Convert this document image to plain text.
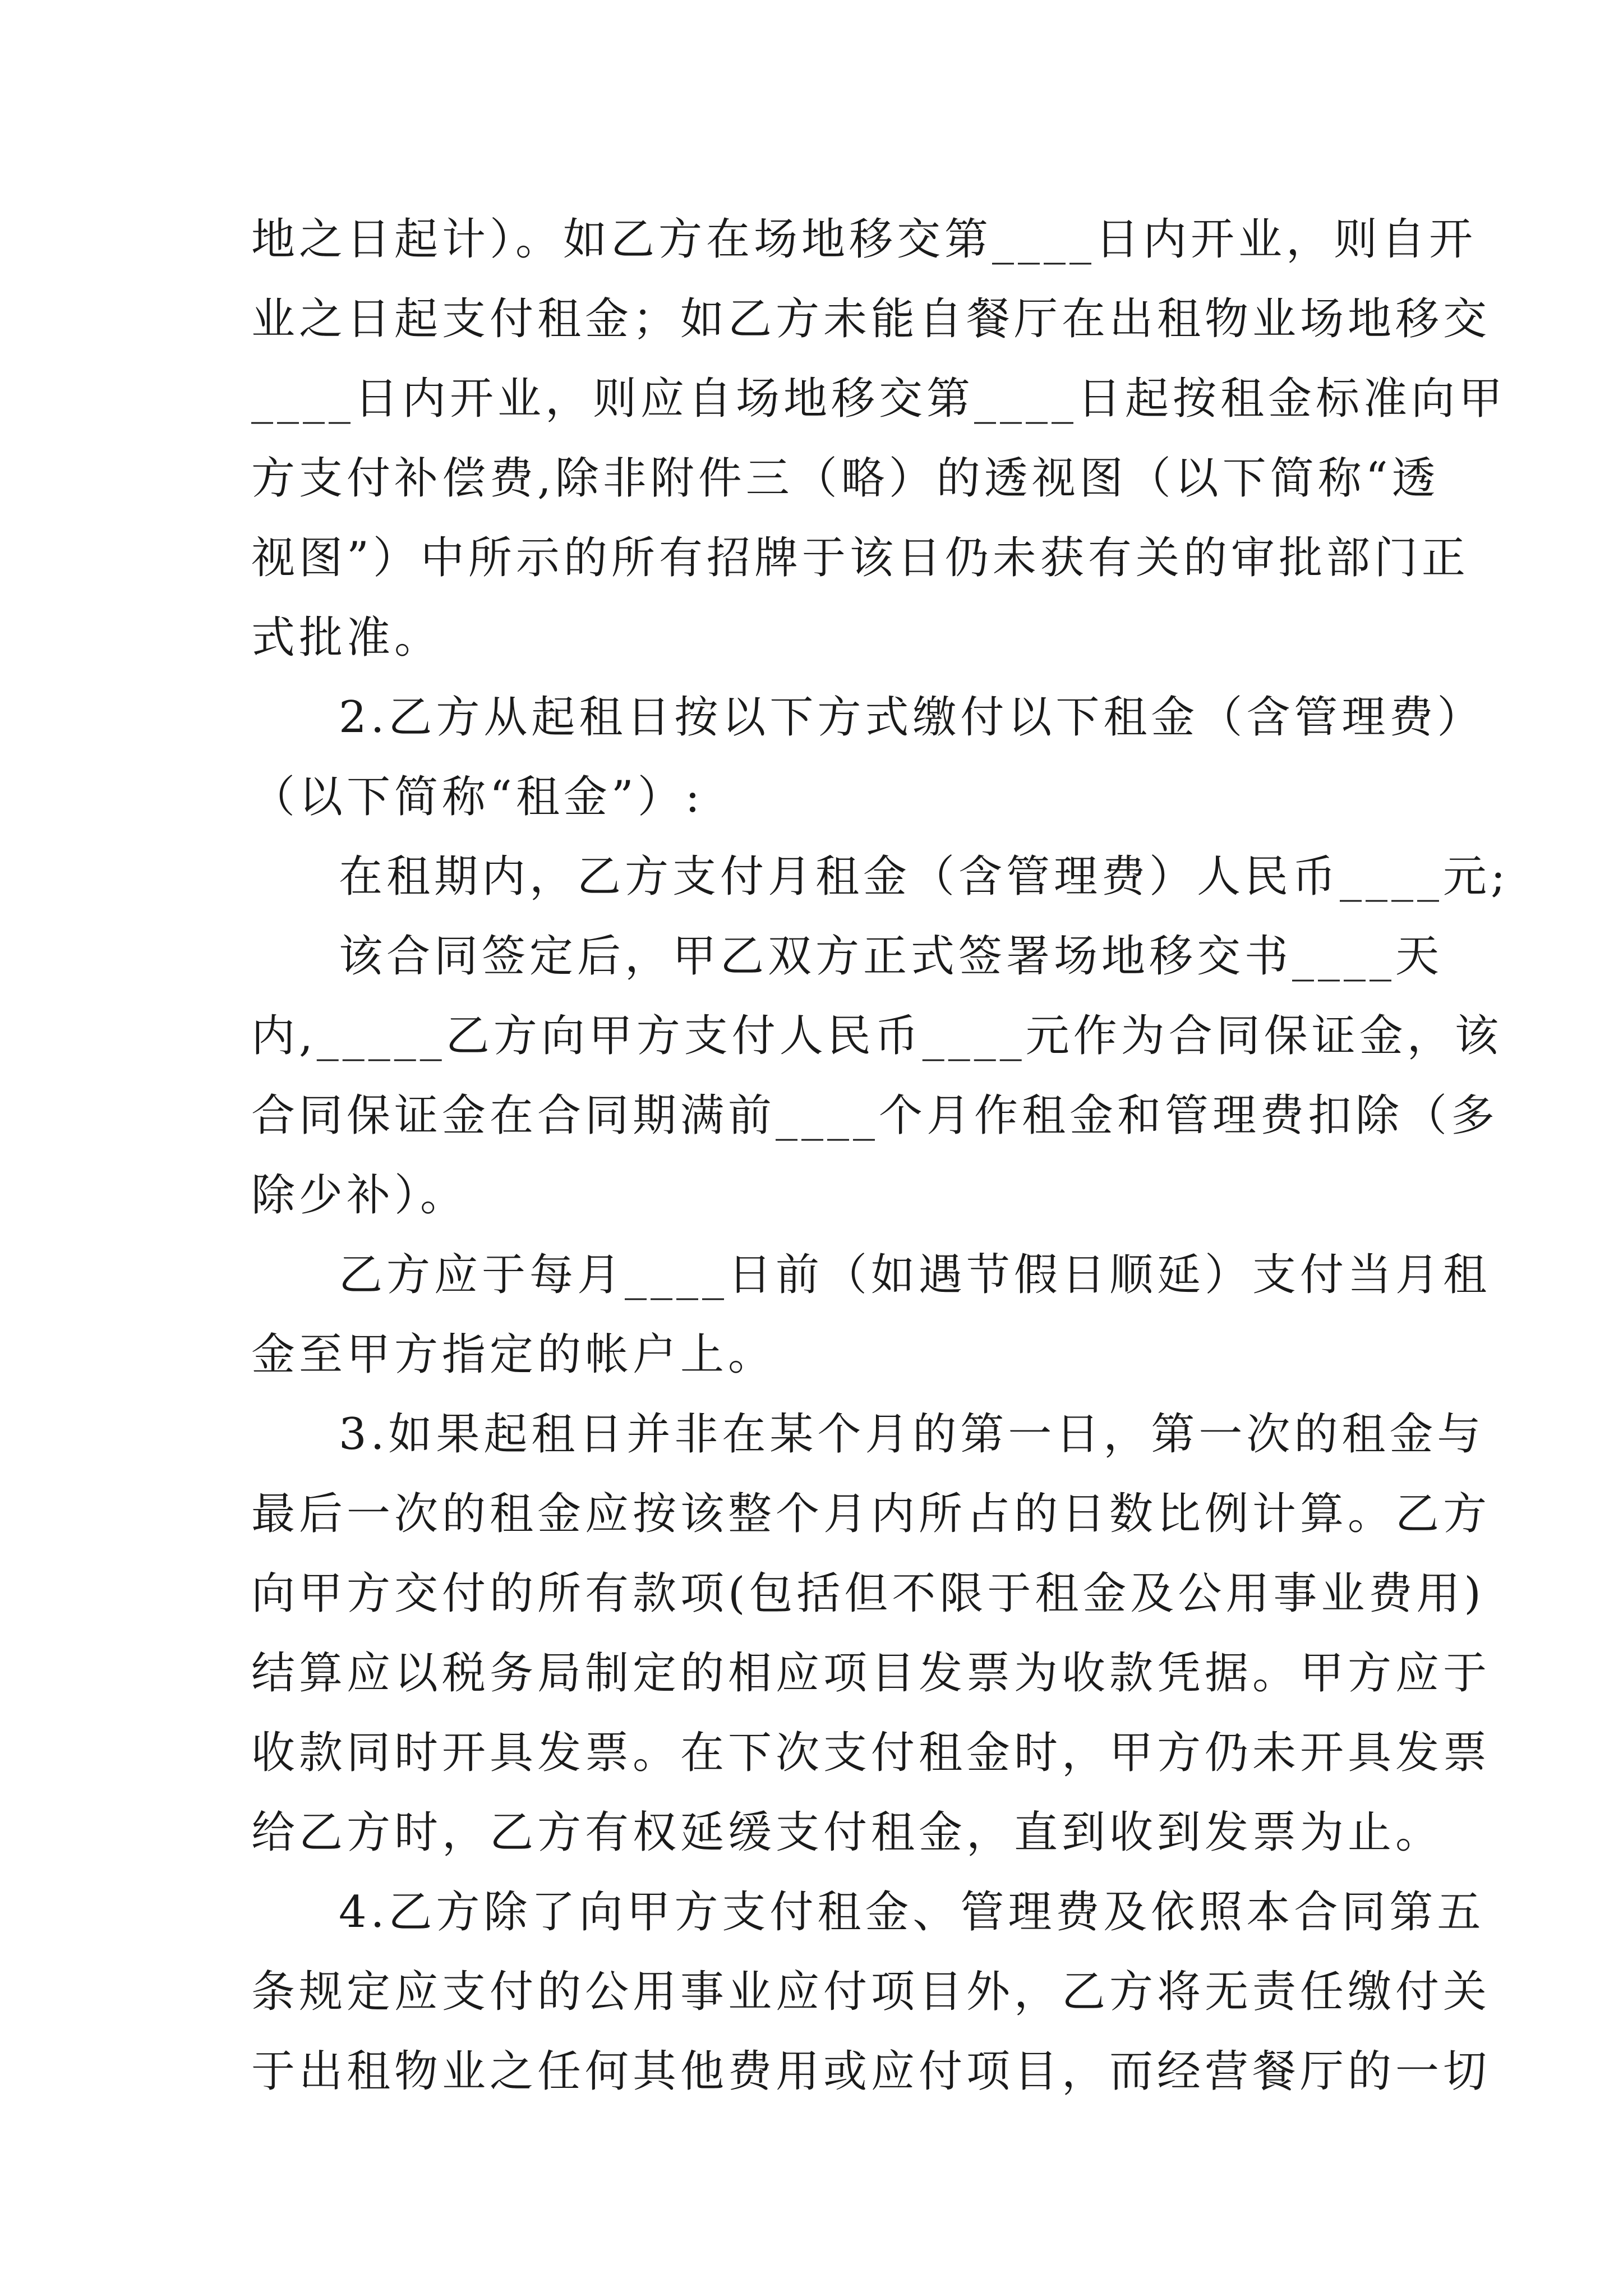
地之日起计）。如乙方在场地移交第____日内开业，则自开
业之日起支付租金；如乙方未能自餐厅在出租物业场地移交
____日内开业，则应自场地移交第____日起按租金标准向甲
方支付补偿费,除非附件三（略）的透视图（以下简称“透
视图”）中所示的所有招牌于该日仍未获有关的审批部门正
式批准。
2.乙方从起租日按以下方式缴付以下租金（含管理费）
（以下简称“租金”）:
在租期内，乙方支付月租金（含管理费）人民币____元;
该合同签定后，甲乙双方正式签署场地移交书____天
内,_____乙方向甲方支付人民币____元作为合同保证金，该
合同保证金在合同期满前____个月作租金和管理费扣除（多
除少补）。
乙方应于每月____日前（如遇节假日顺延）支付当月租
金至甲方指定的帐户上。
3.如果起租日并非在某个月的第一日，第一次的租金与
最后一次的租金应按该整个月内所占的日数比例计算。乙方
向甲方交付的所有款项(包括但不限于租金及公用事业费用)
结算应以税务局制定的相应项目发票为收款凭据。甲方应于
收款同时开具发票。在下次支付租金时，甲方仍未开具发票
给乙方时，乙方有权延缓支付租金，直到收到发票为止。
4.乙方除了向甲方支付租金、管理费及依照本合同第五
条规定应支付的公用事业应付项目外，乙方将无责任缴付关
于出租物业之任何其他费用或应付项目，而经营餐厅的一切
